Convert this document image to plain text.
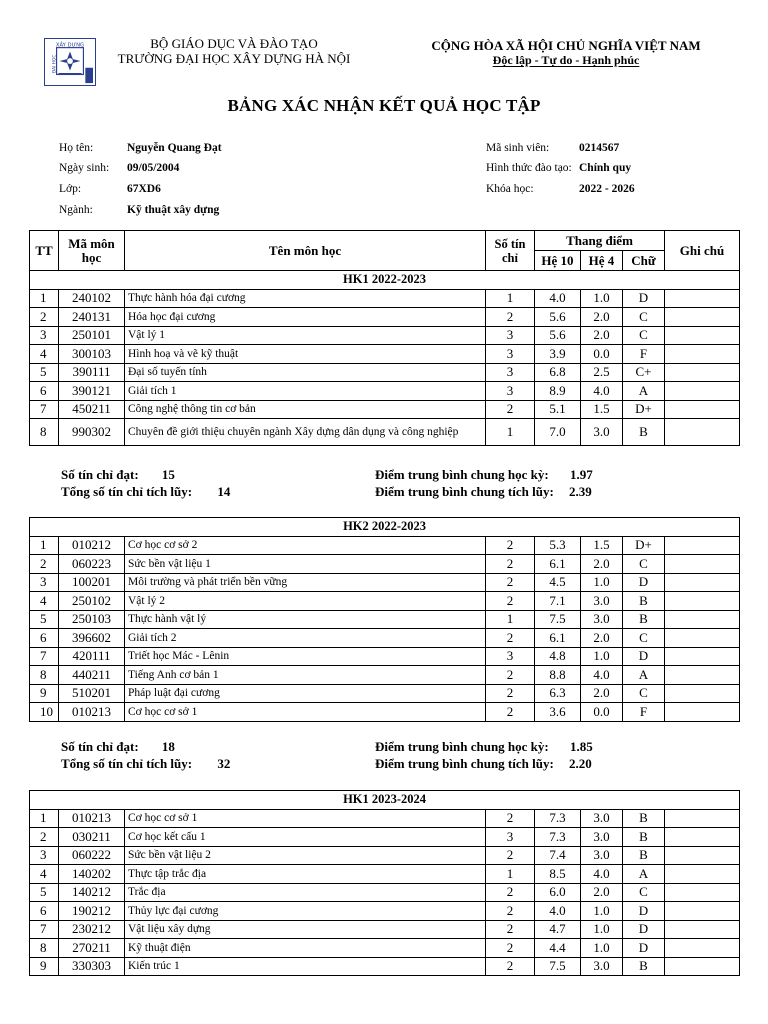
XÂY DỰNG
ĐẠI HỌC
BỘ GIÁO DỤC VÀ ĐÀO TẠO
TRƯỜNG ĐẠI HỌC XÂY DỰNG HÀ NỘI
CỘNG HÒA XÃ HỘI CHỦ NGHĨA VIỆT NAM
Độc lập - Tự do - Hạnh phúc
BẢNG XÁC NHẬN KẾT QUẢ HỌC TẬP
Họ tên:	Nguyễn Quang Đạt
Ngày sinh: 09/05/2004
Lớp:	67XD6
Ngành:	Kỹ thuật xây dựng
Mã sinh viên:	0214567
Hình thức đào tạo: Chính quy
Khóa học:	2022 - 2026
TT	Mã môn học	Tên môn học	Số tín chỉ	Thang điểm			Ghi chú
				Hệ 10	Hệ 4	Chữ	
HK1 2022-2023							
1	240102	Thực hành hóa đại cương	1	4.0	1.0	D	
2	240131	Hóa học đại cương	2	5.6	2.0	C	
3	250101	Vật lý 1	3	5.6	2.0	C	
4	300103	Hình hoạ và vẽ kỹ thuật	3	3.9	0.0	F	
5	390111	Đại số tuyến tính	3	6.8	2.5	C+	
6	390121	Giải tích 1	3	8.9	4.0	A	
7	450211	Công nghệ thông tin cơ bản	2	5.1	1.5	D+	
8	990302	Chuyên đề giới thiệu chuyên ngành Xây dựng dân dụng và công nghiệp	1	7.0	3.0	B	
Số tín chỉ đạt: 15
Tổng số tín chỉ tích lũy: 14
Điểm trung bình chung học kỳ: 1.97
Điểm trung bình chung tích lũy: 2.39
HK2 2022-2023							
1	010212	Cơ học cơ sở 2	2	5.3	1.5	D+	
2	060223	Sức bền vật liệu 1	2	6.1	2.0	C	
3	100201	Môi trường và phát triển bền vững	2	4.5	1.0	D	
4	250102	Vật lý 2	2	7.1	3.0	B	
5	250103	Thực hành vật lý	1	7.5	3.0	B	
6	396602	Giải tích 2	2	6.1	2.0	C	
7	420111	Triết học Mác - Lênin	3	4.8	1.0	D	
8	440211	Tiếng Anh cơ bản 1	2	8.8	4.0	A	
9	510201	Pháp luật đại cương	2	6.3	2.0	C	
10	010213	Cơ học cơ sở 1	2	3.6	0.0	F	
Số tín chỉ đạt: 18
Tổng số tín chỉ tích lũy: 32
Điểm trung bình chung học kỳ: 1.85
Điểm trung bình chung tích lũy: 2.20
HK1 2023-2024							
1	010213	Cơ học cơ sở 1	2	7.3	3.0	B	
2	030211	Cơ học kết cấu 1	3	7.3	3.0	B	
3	060222	Sức bền vật liệu 2	2	7.4	3.0	B	
4	140202	Thực tập trắc địa	1	8.5	4.0	A	
5	140212	Trắc địa	2	6.0	2.0	C	
6	190212	Thủy lực đại cương	2	4.0	1.0	D	
7	230212	Vật liệu xây dựng	2	4.7	1.0	D	
8	270211	Kỹ thuật điện	2	4.4	1.0	D	
9	330303	Kiến trúc 1	2	7.5	3.0	B	
